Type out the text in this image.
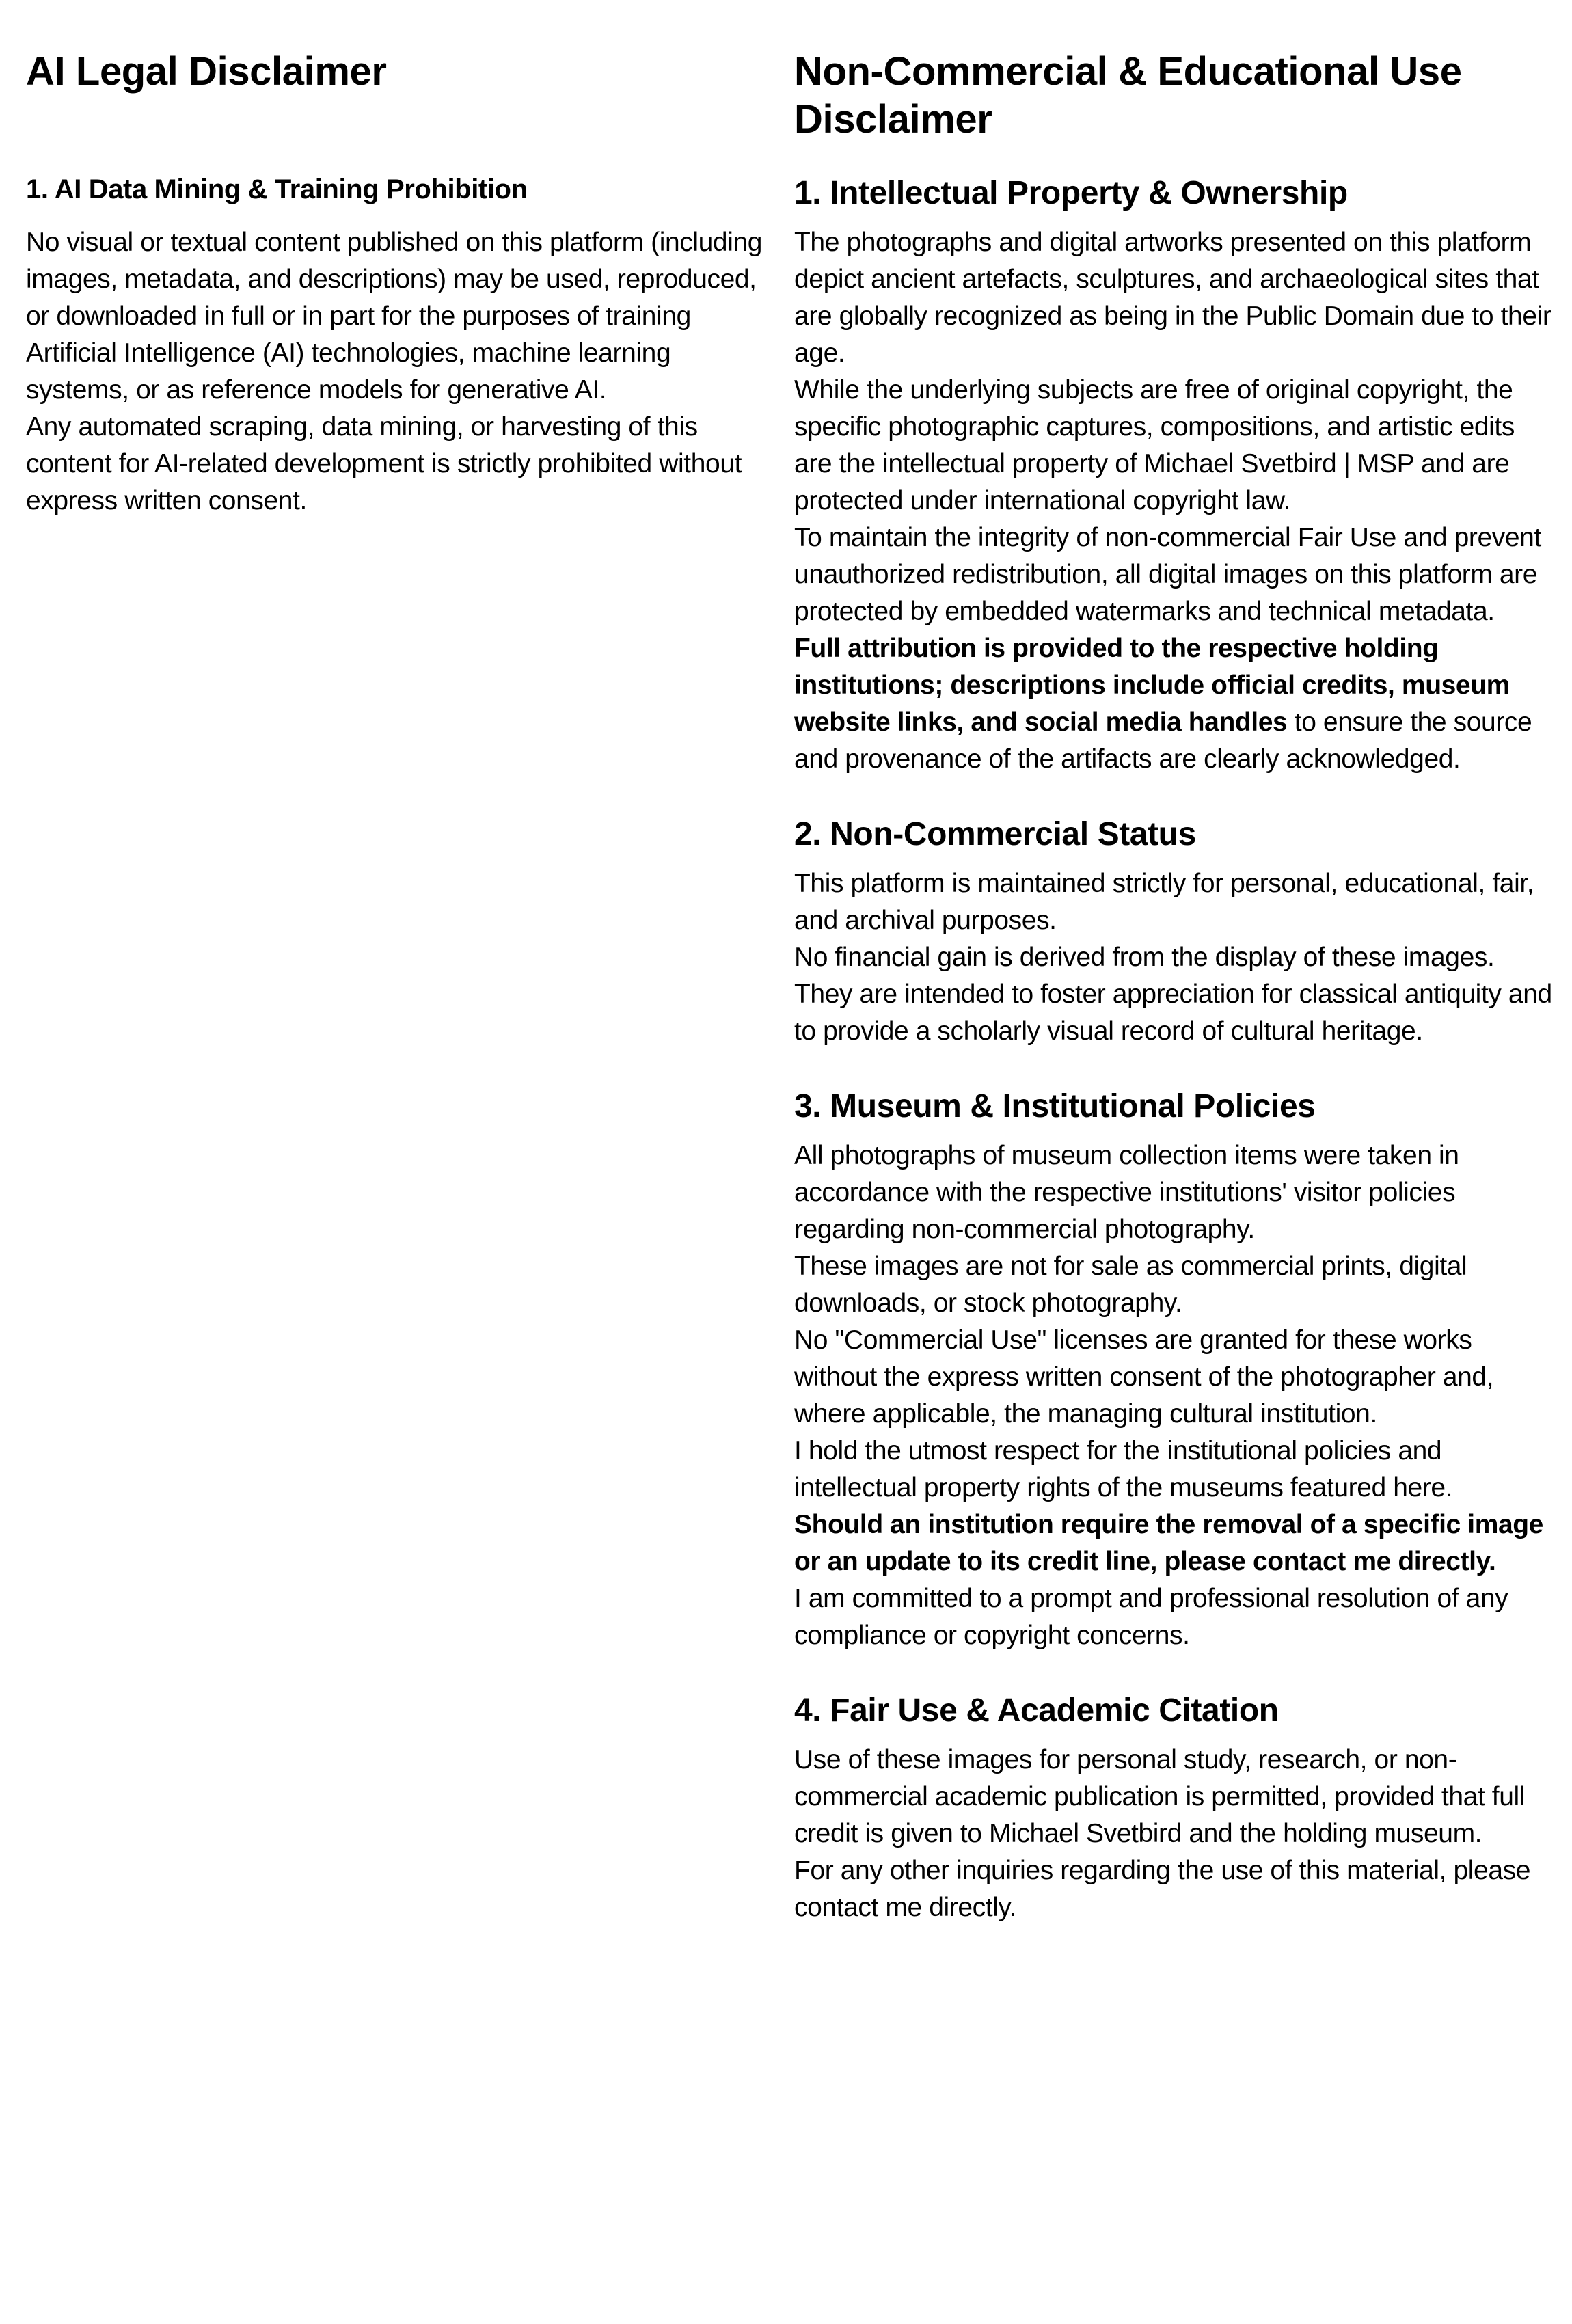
AI Legal Disclaimer
1. AI Data Mining & Training Prohibition

No visual or textual content published on this platform (including images, metadata, and descriptions) may be used, reproduced, or downloaded in full or in part for the purposes of training Artificial Intelligence (AI) technologies, machine learning systems, or as reference models for generative AI.

Any automated scraping, data mining, or harvesting of this content for AI-related development is strictly prohibited without express written consent.

Non-Commercial & Educational Use Disclaimer
1. Intellectual Property & Ownership

The photographs and digital artworks presented on this platform depict ancient artefacts, sculptures, and archaeological sites that are globally recognized as being in the Public Domain due to their age.

While the underlying subjects are free of original copyright, the specific photographic captures, compositions, and artistic edits are the intellectual property of Michael Svetbird | MSP and are protected under international copyright law.

To maintain the integrity of non-commercial Fair Use and prevent unauthorized redistribution, all digital images on this platform are protected by embedded watermarks and technical metadata.

Full attribution is provided to the respective holding institutions; descriptions include official credits, museum website links, and social media handles to ensure the source and provenance of the artifacts are clearly acknowledged.

2. Non-Commercial Status

This platform is maintained strictly for personal, educational, fair, and archival purposes.

No financial gain is derived from the display of these images.

They are intended to foster appreciation for classical antiquity and to provide a scholarly visual record of cultural heritage.

3. Museum & Institutional Policies

All photographs of museum collection items were taken in accordance with the respective institutions' visitor policies regarding non-commercial photography.

These images are not for sale as commercial prints, digital downloads, or stock photography.

No "Commercial Use" licenses are granted for these works without the express written consent of the photographer and, where applicable, the managing cultural institution.

I hold the utmost respect for the institutional policies and intellectual property rights of the museums featured here.

Should an institution require the removal of a specific image or an update to its credit line, please contact me directly.

I am committed to a prompt and professional resolution of any compliance or copyright concerns.

4. Fair Use & Academic Citation

Use of these images for personal study, research, or non-commercial academic publication is permitted, provided that full credit is given to Michael Svetbird and the holding museum.

For any other inquiries regarding the use of this material, please contact me directly.
